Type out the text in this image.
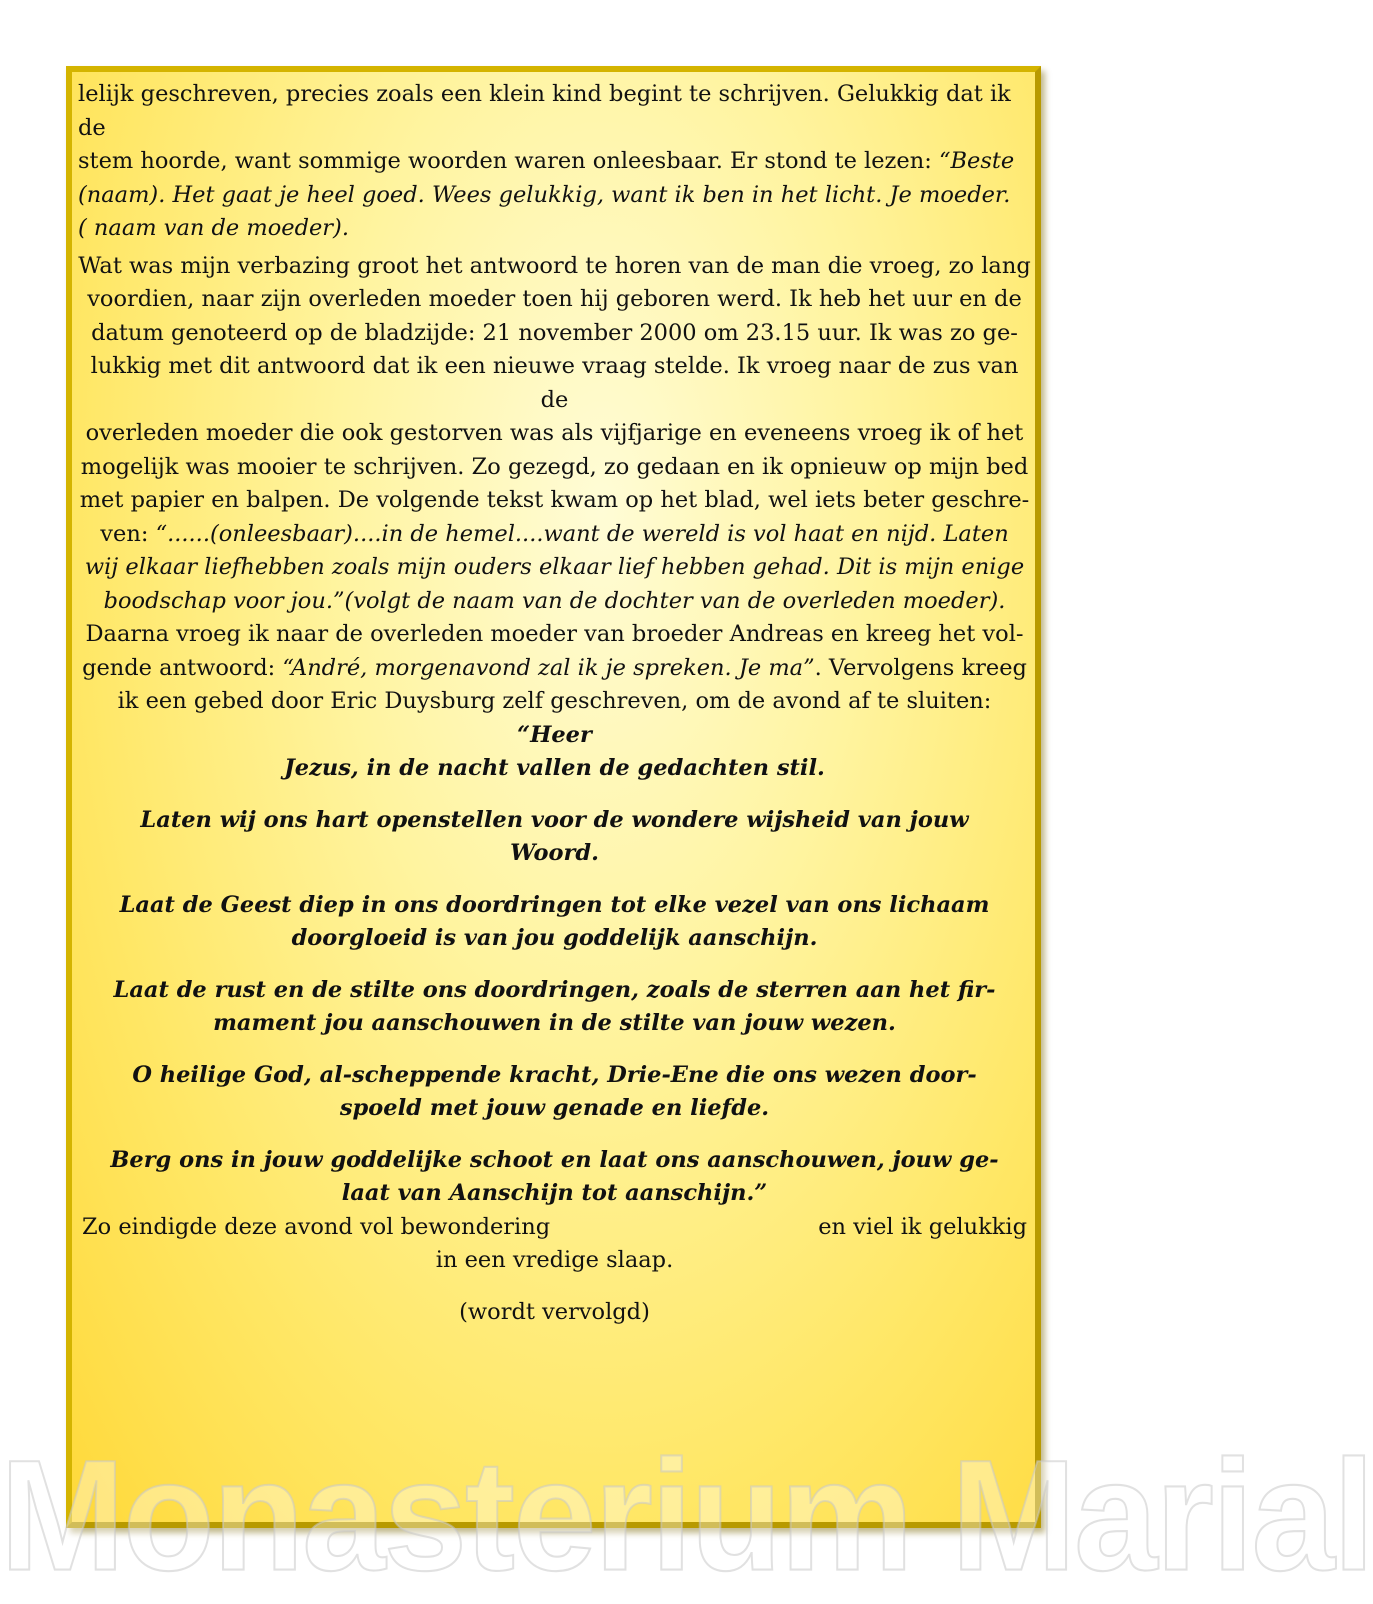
lelijk geschreven, precies zoals een klein kind begint te schrijven. Gelukkig dat ik de
stem hoorde, want sommige woorden waren onleesbaar. Er stond te lezen: “Beste
(naam). Het gaat je heel goed. Wees gelukkig, want ik ben in het licht. Je moeder.
( naam van de moeder).
Wat was mijn verbazing groot het antwoord te horen van de man die vroeg, zo lang
voordien, naar zijn overleden moeder toen hij geboren werd. Ik heb het uur en de
datum genoteerd op de bladzijde: 21 november 2000 om 23.15 uur. Ik was zo ge-
lukkig met dit antwoord dat ik een nieuwe vraag stelde. Ik vroeg naar de zus van de
overleden moeder die ook gestorven was als vijfjarige en eveneens vroeg ik of het
mogelijk was mooier te schrijven. Zo gezegd, zo gedaan en ik opnieuw op mijn bed
met papier en balpen. De volgende tekst kwam op het blad, wel iets beter geschre-
ven: “......(onleesbaar)....in de hemel....want de wereld is vol haat en nijd. Laten
wij elkaar liefhebben zoals mijn ouders elkaar lief hebben gehad. Dit is mijn enige
boodschap voor jou.”(volgt de naam van de dochter van de overleden moeder).
Daarna vroeg ik naar de overleden moeder van broeder Andreas en kreeg het vol-
gende antwoord: “André, morgenavond zal ik je spreken. Je ma”. Vervolgens kreeg
ik een gebed door Eric Duysburg zelf geschreven, om de avond af te sluiten: “Heer
Jezus, in de nacht vallen de gedachten stil.
Laten wij ons hart openstellen voor de wondere wijsheid van jouw
Woord.
Laat de Geest diep in ons doordringen tot elke vezel van ons lichaam
doorgloeid is van jou goddelijk aanschijn.
Laat de rust en de stilte ons doordringen, zoals de sterren aan het fir-
mament jou aanschouwen in de stilte van jouw wezen.
O heilige God, al-scheppende kracht, Drie-Ene die ons wezen door-
spoeld met jouw genade en liefde.
Berg ons in jouw goddelijke schoot en laat ons aanschouwen, jouw ge-
laat van Aanschijn tot aanschijn.”
Zo eindigde deze avond vol bewondering	en viel ik gelukkig
in een vredige slaap.
(wordt vervolgd)
Monasterium Marial
